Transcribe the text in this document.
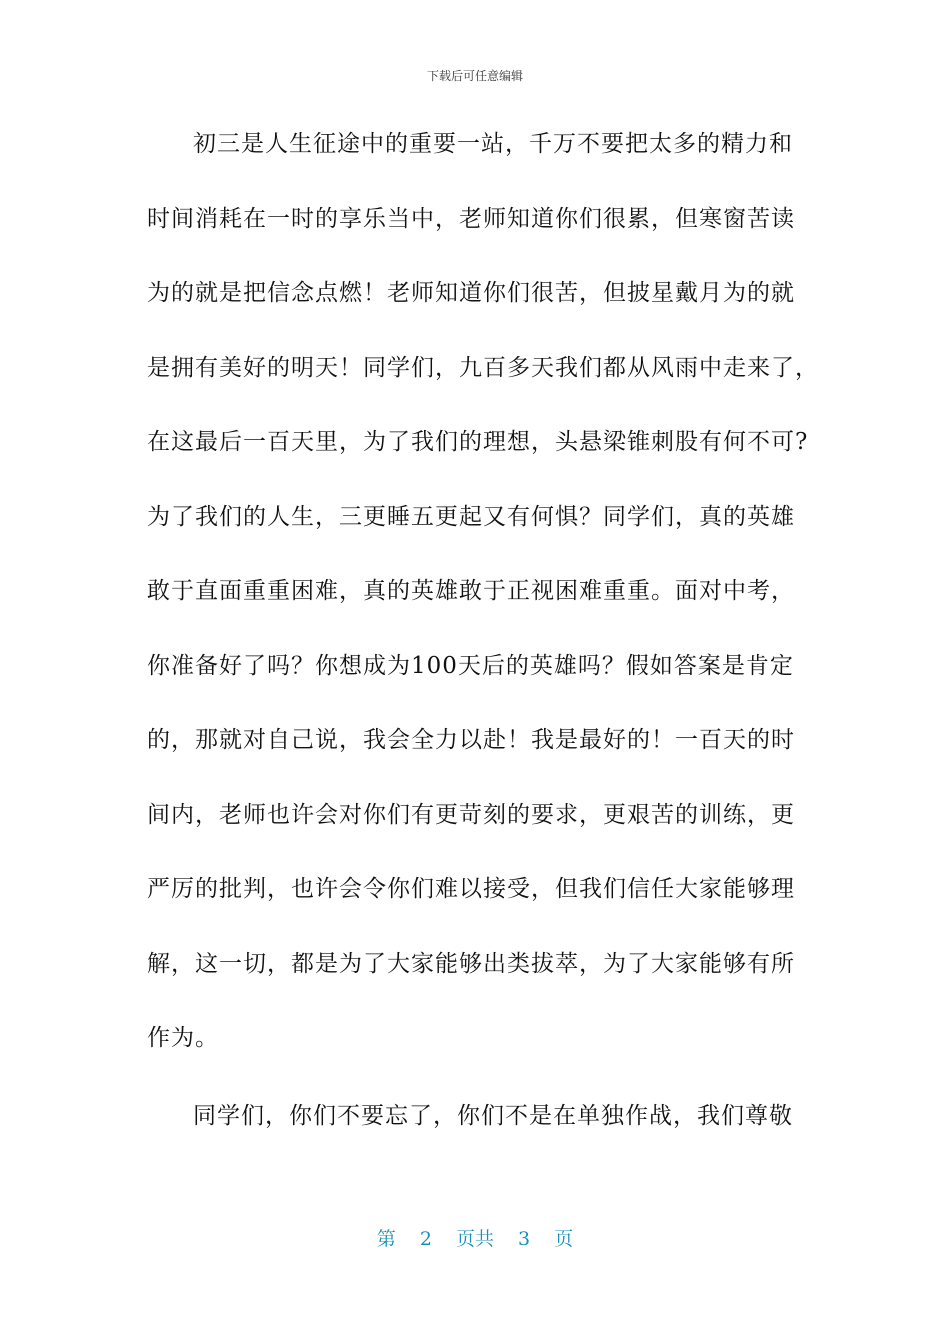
下载后可任意编辑
初三是人生征途中的重要一站，千万不要把太多的精力和
时间消耗在一时的享乐当中，老师知道你们很累，但寒窗苦读
为的就是把信念点燃！老师知道你们很苦，但披星戴月为的就
是拥有美好的明天！同学们，九百多天我们都从风雨中走来了，
在这最后一百天里，为了我们的理想，头悬梁锥刺股有何不可?
为了我们的人生，三更睡五更起又有何惧？同学们，真的英雄
敢于直面重重困难，真的英雄敢于正视困难重重。面对中考，
你准备好了吗？你想成为100天后的英雄吗？假如答案是肯定
的，那就对自己说，我会全力以赴！我是最好的！一百天的时
间内，老师也许会对你们有更苛刻的要求，更艰苦的训练，更
严厉的批判，也许会令你们难以接受，但我们信任大家能够理
解，这一切，都是为了大家能够出类拔萃，为了大家能够有所
作为。
同学们，你们不要忘了，你们不是在单独作战，我们尊敬
第 2 页共 3 页
